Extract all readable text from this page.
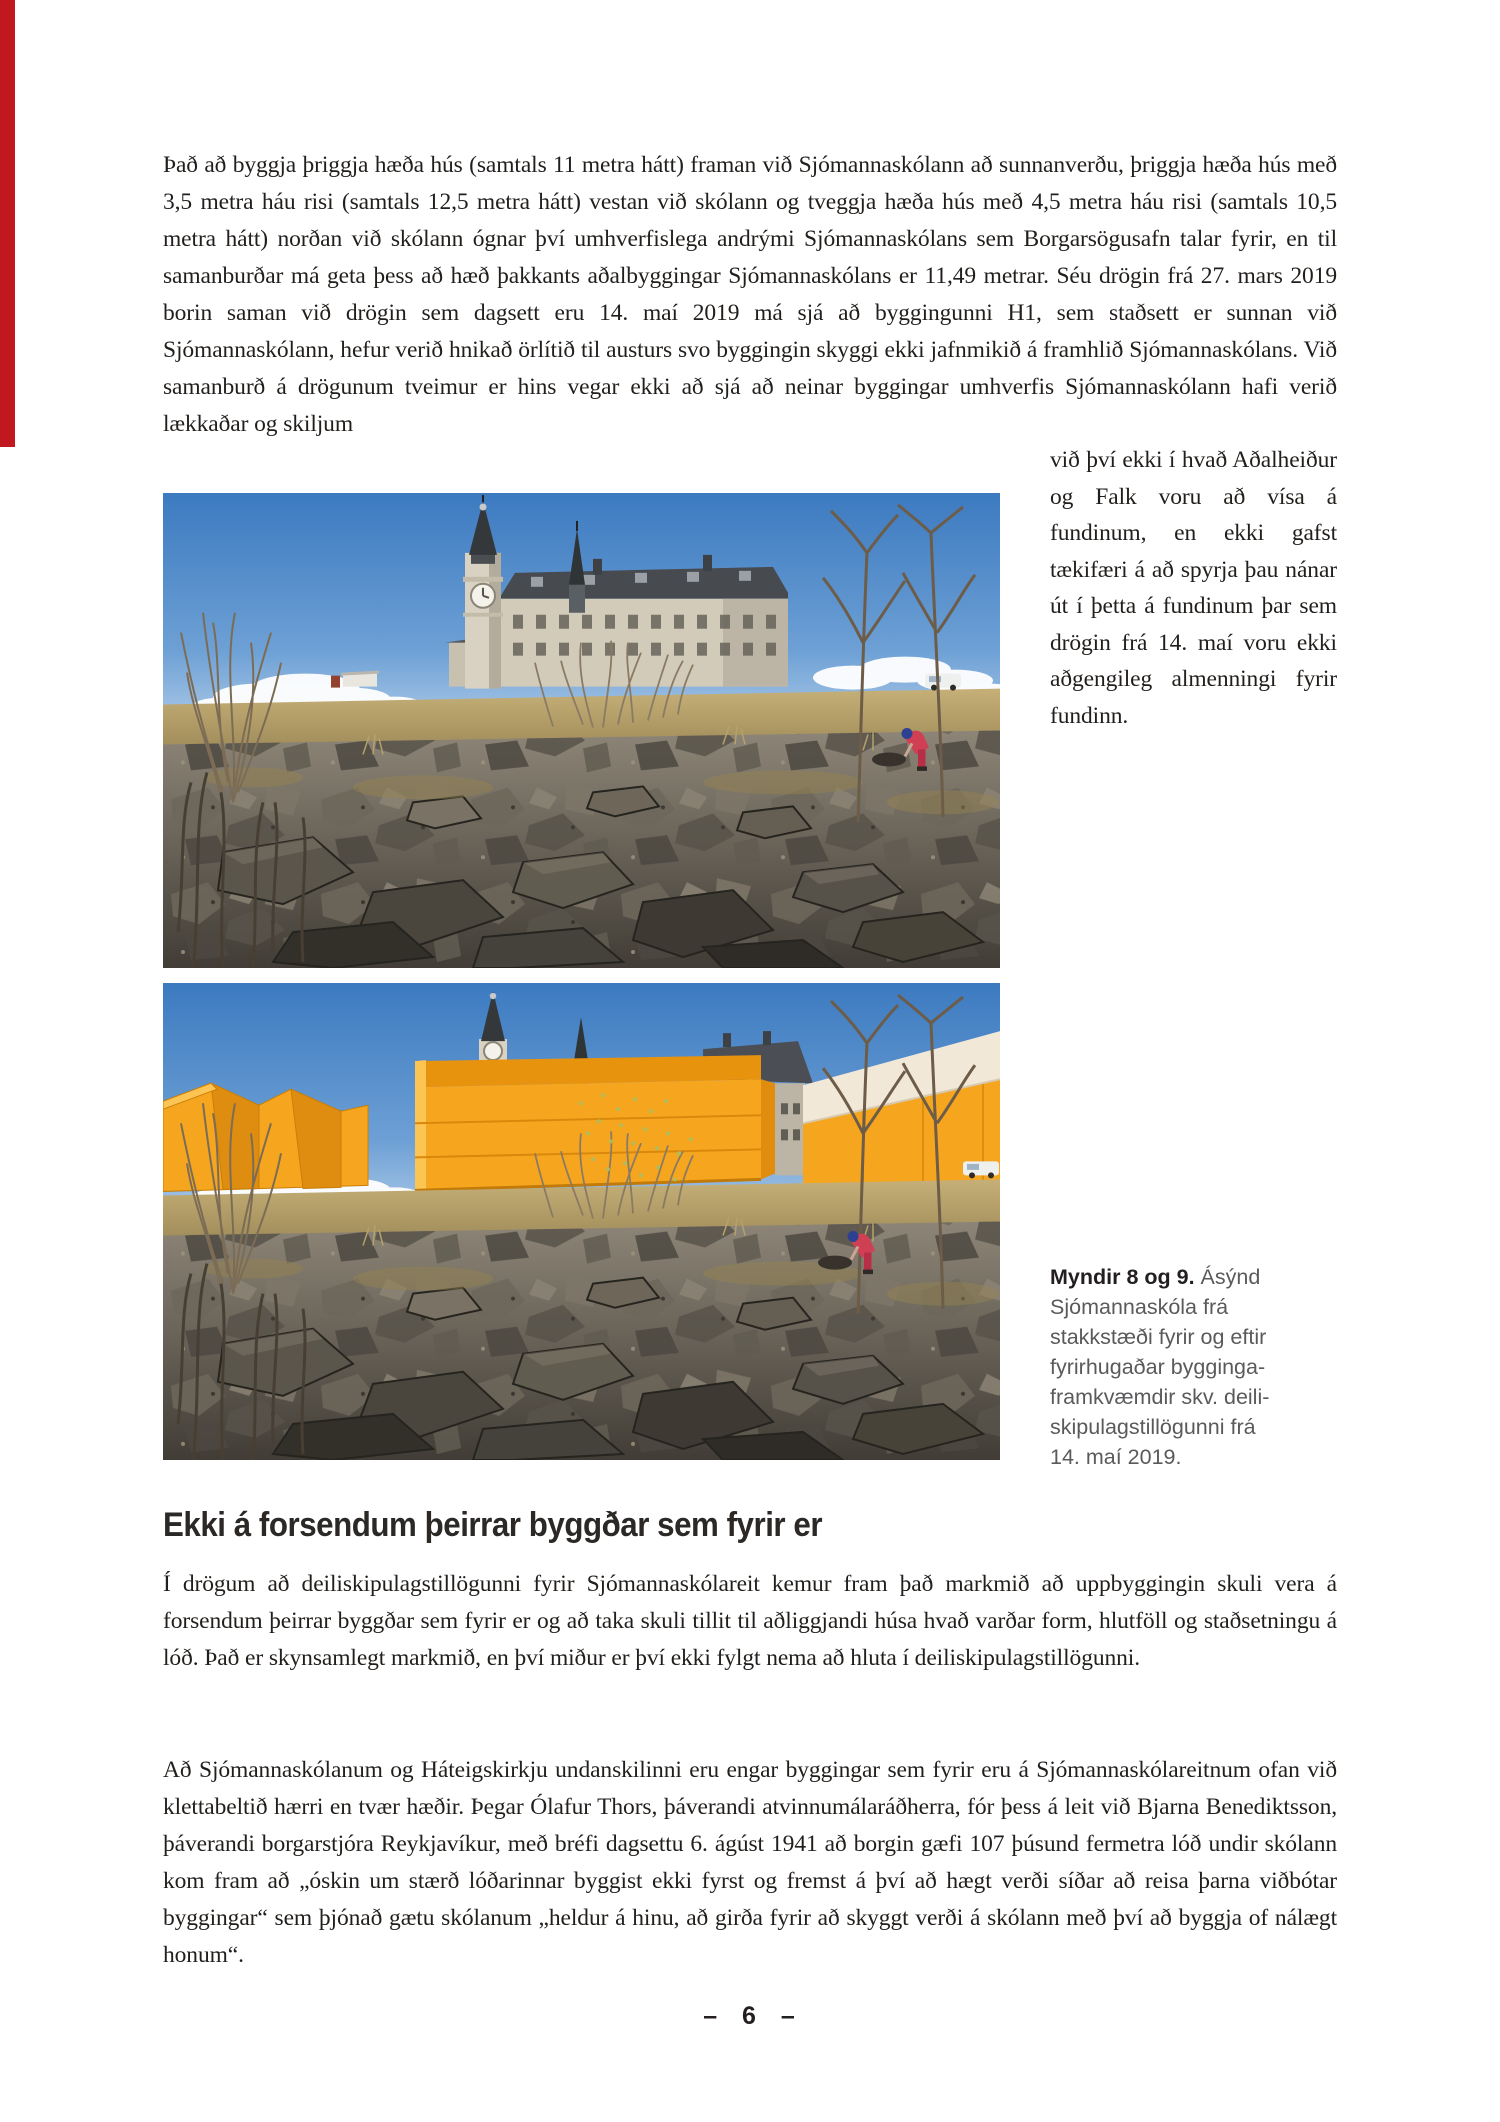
Það að byggja þriggja hæða hús (samtals 11 metra hátt) framan við Sjómannaskólann að sunnanverðu, þriggja hæða hús með 3,5 metra háu risi (samtals 12,5 metra hátt) vestan við skólann og tveggja hæða hús með 4,5 metra háu risi (samtals 10,5 metra hátt) norðan við skólann ógnar því umhverfislega andrými Sjómannaskólans sem Borgarsögusafn talar fyrir, en til samanburðar má geta þess að hæð þakkants aðalbyggingar Sjómannaskólans er 11,49 metrar. Séu drögin frá 27. mars 2019 borin saman við drögin sem dagsett eru 14. maí 2019 má sjá að byggingunni H1, sem staðsett er sunnan við Sjómannaskólann, hefur verið hnikað örlítið til austurs svo byggingin skyggi ekki jafnmikið á framhlið Sjómannaskólans. Við samanburð á drögunum tveimur er hins vegar ekki að sjá að neinar byggingar umhverfis Sjómannaskólann hafi verið lækkaðar og skiljum
við því ekki í hvað Aðalheiður og Falk voru að vísa á fundinum, en ekki gafst tækifæri á að spyrja þau nánar út í þetta á fundinum þar sem drögin frá 14. maí voru ekki aðgengileg almenningi fyrir fundinn.
Myndir 8 og 9. Ásýnd
Sjómannaskóla frá
stakkstæði fyrir og eftir
fyrirhugaðar bygginga-
framkvæmdir skv. deili-
skipulagstillögunni frá
14. maí 2019.
Ekki á forsendum þeirrar byggðar sem fyrir er
Í drögum að deiliskipulagstillögunni fyrir Sjómannaskólareit kemur fram það markmið að uppbyggingin skuli vera á forsendum þeirrar byggðar sem fyrir er og að taka skuli tillit til aðliggjandi húsa hvað varðar form, hlutföll og staðsetningu á lóð. Það er skynsamlegt markmið, en því miður er því ekki fylgt nema að hluta í deiliskipulagstillögunni.
Að Sjómannaskólanum og Háteigskirkju undanskilinni eru engar byggingar sem fyrir eru á Sjómannaskólareitnum ofan við klettabeltið hærri en tvær hæðir. Þegar Ólafur Thors, þáverandi atvinnumálaráðherra, fór þess á leit við Bjarna Benediktsson, þáverandi borgarstjóra Reykjavíkur, með bréfi dagsettu 6. ágúst 1941 að borgin gæfi 107 þúsund fermetra lóð undir skólann kom fram að „óskin um stærð lóðarinnar byggist ekki fyrst og fremst á því að hægt verði síðar að reisa þarna viðbótar byggingar“ sem þjónað gætu skólanum „heldur á hinu, að girða fyrir að skyggt verði á skólann með því að byggja of nálægt honum“.
– 6 –
